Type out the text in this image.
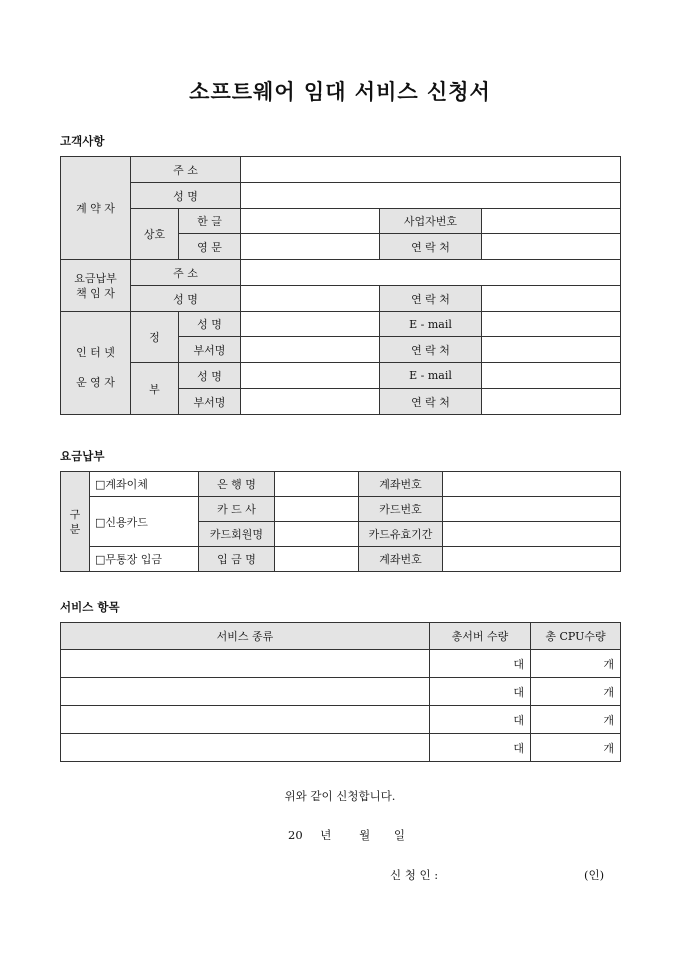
소프트웨어 임대 서비스 신청서
고객사항
계 약 자	주 소				
	성 명				
	상호	한 글		사업자번호	
		영 문		연 락 처	

요금납부
책 임 자	주 소				
	성 명			연 락 처	

인 터 넷
운 영 자	정	성 명		E - mail	
		부서명		연 락 처	
	부	성 명		E - mail	
		부서명		연 락 처	
요금납부
구
분	□계좌이체	은 행 명		계좌번호	
	□신용카드	카 드 사		카드번호	
		카드회원명		카드유효기간	
	□무통장 입금	입 금 명		계좌번호	
서비스 항목
서비스 종류	총서버 수량	총 CPU수량
	대	개
	대	개
	대	개
	대	개
위와 같이 신청합니다.
20 년 월 일
신 청 인 :	(인)
